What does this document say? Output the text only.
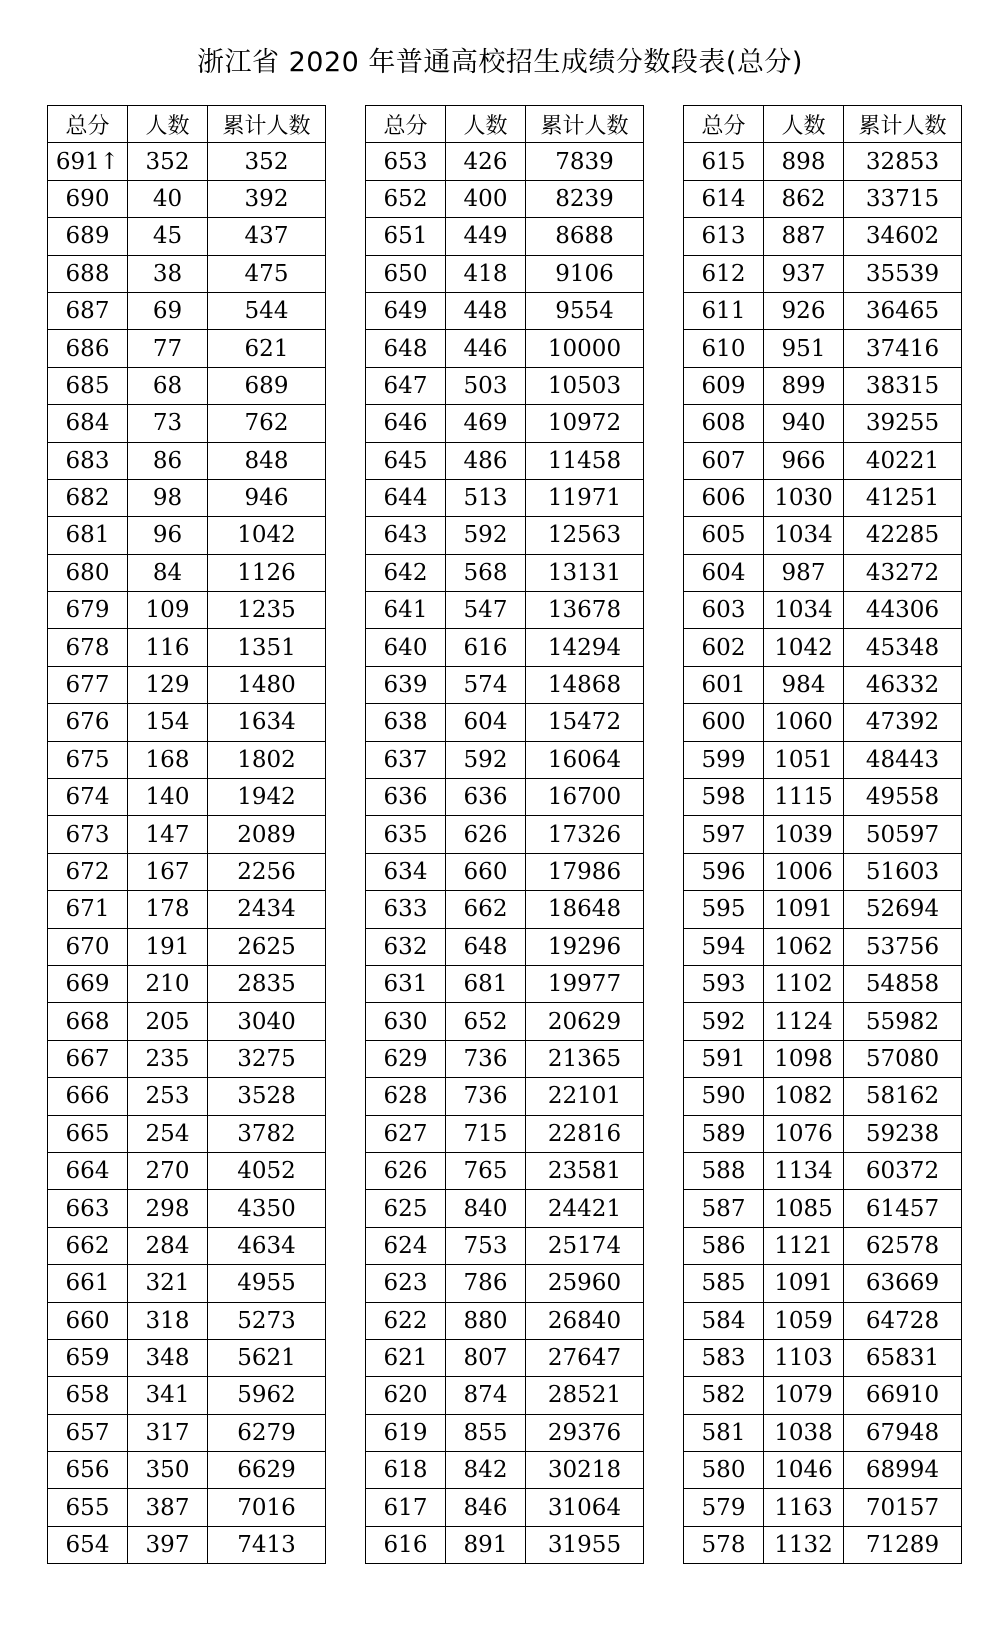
浙江省 2020 年普通高校招生成绩分数段表(总分)
总分	人数	累计人数
691↑	352	352
690	40	392
689	45	437
688	38	475
687	69	544
686	77	621
685	68	689
684	73	762
683	86	848
682	98	946
681	96	1042
680	84	1126
679	109	1235
678	116	1351
677	129	1480
676	154	1634
675	168	1802
674	140	1942
673	147	2089
672	167	2256
671	178	2434
670	191	2625
669	210	2835
668	205	3040
667	235	3275
666	253	3528
665	254	3782
664	270	4052
663	298	4350
662	284	4634
661	321	4955
660	318	5273
659	348	5621
658	341	5962
657	317	6279
656	350	6629
655	387	7016
654	397	7413
总分	人数	累计人数
653	426	7839
652	400	8239
651	449	8688
650	418	9106
649	448	9554
648	446	10000
647	503	10503
646	469	10972
645	486	11458
644	513	11971
643	592	12563
642	568	13131
641	547	13678
640	616	14294
639	574	14868
638	604	15472
637	592	16064
636	636	16700
635	626	17326
634	660	17986
633	662	18648
632	648	19296
631	681	19977
630	652	20629
629	736	21365
628	736	22101
627	715	22816
626	765	23581
625	840	24421
624	753	25174
623	786	25960
622	880	26840
621	807	27647
620	874	28521
619	855	29376
618	842	30218
617	846	31064
616	891	31955
总分	人数	累计人数
615	898	32853
614	862	33715
613	887	34602
612	937	35539
611	926	36465
610	951	37416
609	899	38315
608	940	39255
607	966	40221
606	1030	41251
605	1034	42285
604	987	43272
603	1034	44306
602	1042	45348
601	984	46332
600	1060	47392
599	1051	48443
598	1115	49558
597	1039	50597
596	1006	51603
595	1091	52694
594	1062	53756
593	1102	54858
592	1124	55982
591	1098	57080
590	1082	58162
589	1076	59238
588	1134	60372
587	1085	61457
586	1121	62578
585	1091	63669
584	1059	64728
583	1103	65831
582	1079	66910
581	1038	67948
580	1046	68994
579	1163	70157
578	1132	71289
